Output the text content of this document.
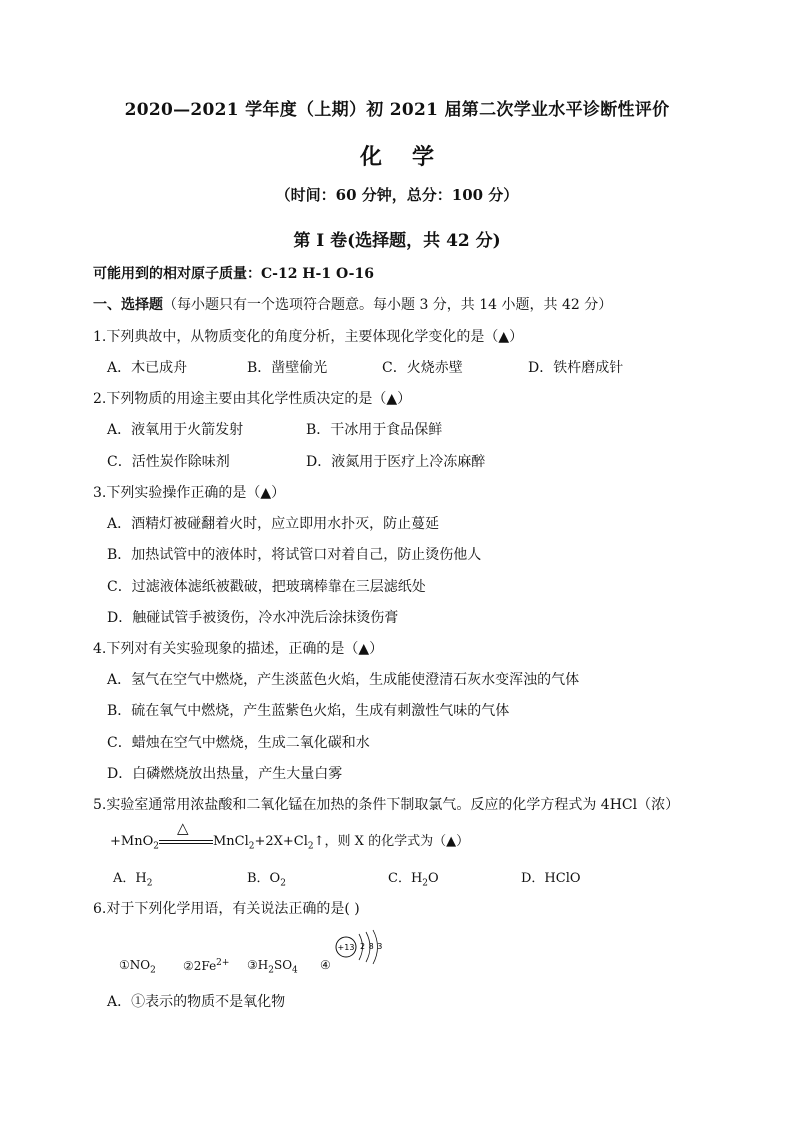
2020—2021 学年度（上期）初 2021 届第二次学业水平诊断性评价
化学
（时间：60 分钟，总分：100 分）
第 I 卷(选择题，共 42 分)
可能用到的相对原子质量：C-12 H-1 O-16
一、选择题（每小题只有一个选项符合题意。每小题 3 分，共 14 小题，共 42 分）
1.下列典故中，从物质变化的角度分析，主要体现化学变化的是（▲）
A．木已成舟	B．凿壁偷光	C．火烧赤壁	D．铁杵磨成针
2.下列物质的用途主要由其化学性质决定的是（▲）
A．液氧用于火箭发射	B．干冰用于食品保鲜
C．活性炭作除味剂	D．液氮用于医疗上冷冻麻醉
3.下列实验操作正确的是（▲）
A．酒精灯被碰翻着火时，应立即用水扑灭，防止蔓延
B．加热试管中的液体时，将试管口对着自己，防止烫伤他人
C．过滤液体滤纸被戳破，把玻璃棒靠在三层滤纸处
D．触碰试管手被烫伤，冷水冲洗后涂抹烫伤膏
4.下列对有关实验现象的描述，正确的是（▲）
A．氢气在空气中燃烧，产生淡蓝色火焰，生成能使澄清石灰水变浑浊的气体
B．硫在氧气中燃烧，产生蓝紫色火焰，生成有刺激性气味的气体
C．蜡烛在空气中燃烧，生成二氧化碳和水
D．白磷燃烧放出热量，产生大量白雾
5.实验室通常用浓盐酸和二氧化锰在加热的条件下制取氯气。反应的化学方程式为 4HCl（浓）
+MnO$_2$
△
$MnCl_2+2X+Cl_2↑$，则 X 的化学式为（▲）
A．$H_2$	B．$O_2$	C．$H_2O$	D．HClO
6.对于下列化学用语，有关说法正确的是( )
$①NO_2$ $②2Fe^{2+}$ $③H_2SO_4$ ④
+13 2 8 3
A．①表示的物质不是氧化物
